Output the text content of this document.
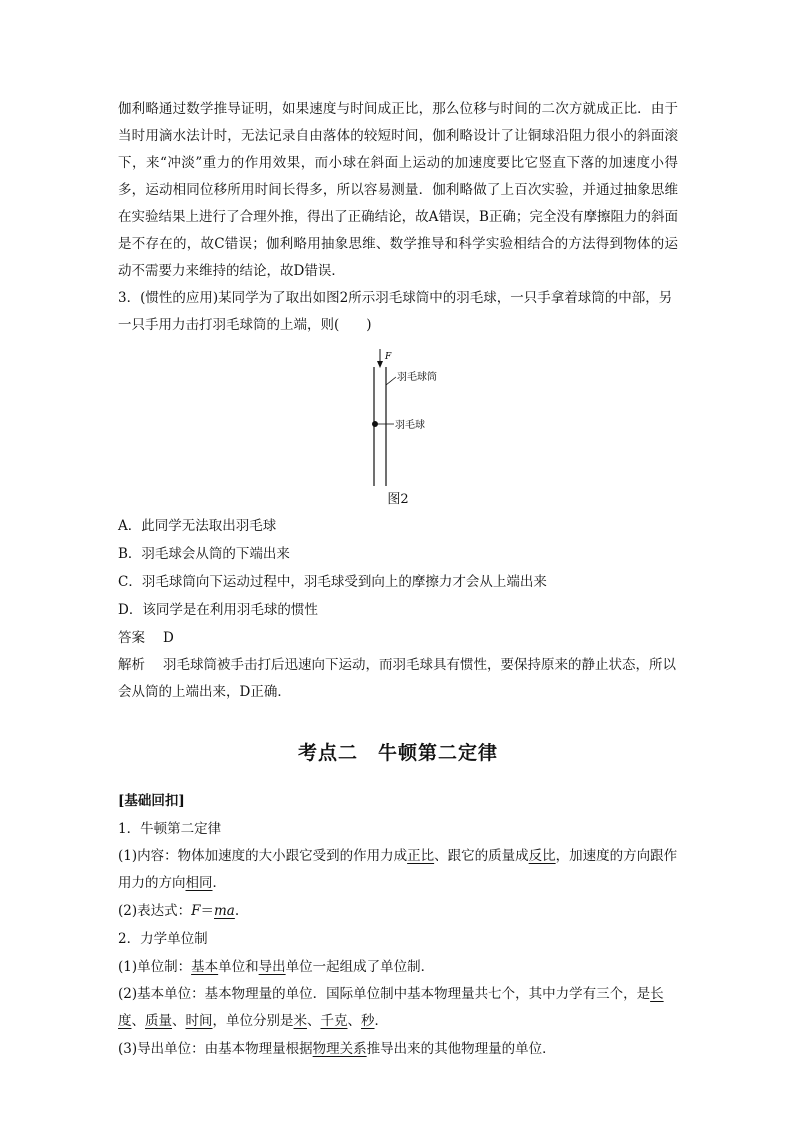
伽利略通过数学推导证明，如果速度与时间成正比，那么位移与时间的二次方就成正比．由于当时用滴水法计时，无法记录自由落体的较短时间，伽利略设计了让铜球沿阻力很小的斜面滚下，来“冲淡”重力的作用效果，而小球在斜面上运动的加速度要比它竖直下落的加速度小得多，运动相同位移所用时间长得多，所以容易测量．伽利略做了上百次实验，并通过抽象思维在实验结果上进行了合理外推，得出了正确结论，故A错误，B正确；完全没有摩擦阻力的斜面是不存在的，故C错误；伽利略用抽象思维、数学推导和科学实验相结合的方法得到物体的运动不需要力来维持的结论，故D错误．

3．(惯性的应用)某同学为了取出如图2所示羽毛球筒中的羽毛球，一只手拿着球筒的中部，另一只手用力击打羽毛球筒的上端，则(　　)

F
羽毛球筒
羽毛球
图2

A．此同学无法取出羽毛球

B．羽毛球会从筒的下端出来

C．羽毛球筒向下运动过程中，羽毛球受到向上的摩擦力才会从上端出来

D．该同学是在利用羽毛球的惯性

答案 D

解析 羽毛球筒被手击打后迅速向下运动，而羽毛球具有惯性，要保持原来的静止状态，所以会从筒的上端出来，D正确．

考点二　牛顿第二定律

[基础回扣]

1．牛顿第二定律

(1)内容：物体加速度的大小跟它受到的作用力成正比、跟它的质量成反比，加速度的方向跟作用力的方向相同．

(2)表达式：F＝ma.

2．力学单位制

(1)单位制：基本单位和导出单位一起组成了单位制．

(2)基本单位：基本物理量的单位．国际单位制中基本物理量共七个，其中力学有三个，是长度、质量、时间，单位分别是米、千克、秒．

(3)导出单位：由基本物理量根据物理关系推导出来的其他物理量的单位．
